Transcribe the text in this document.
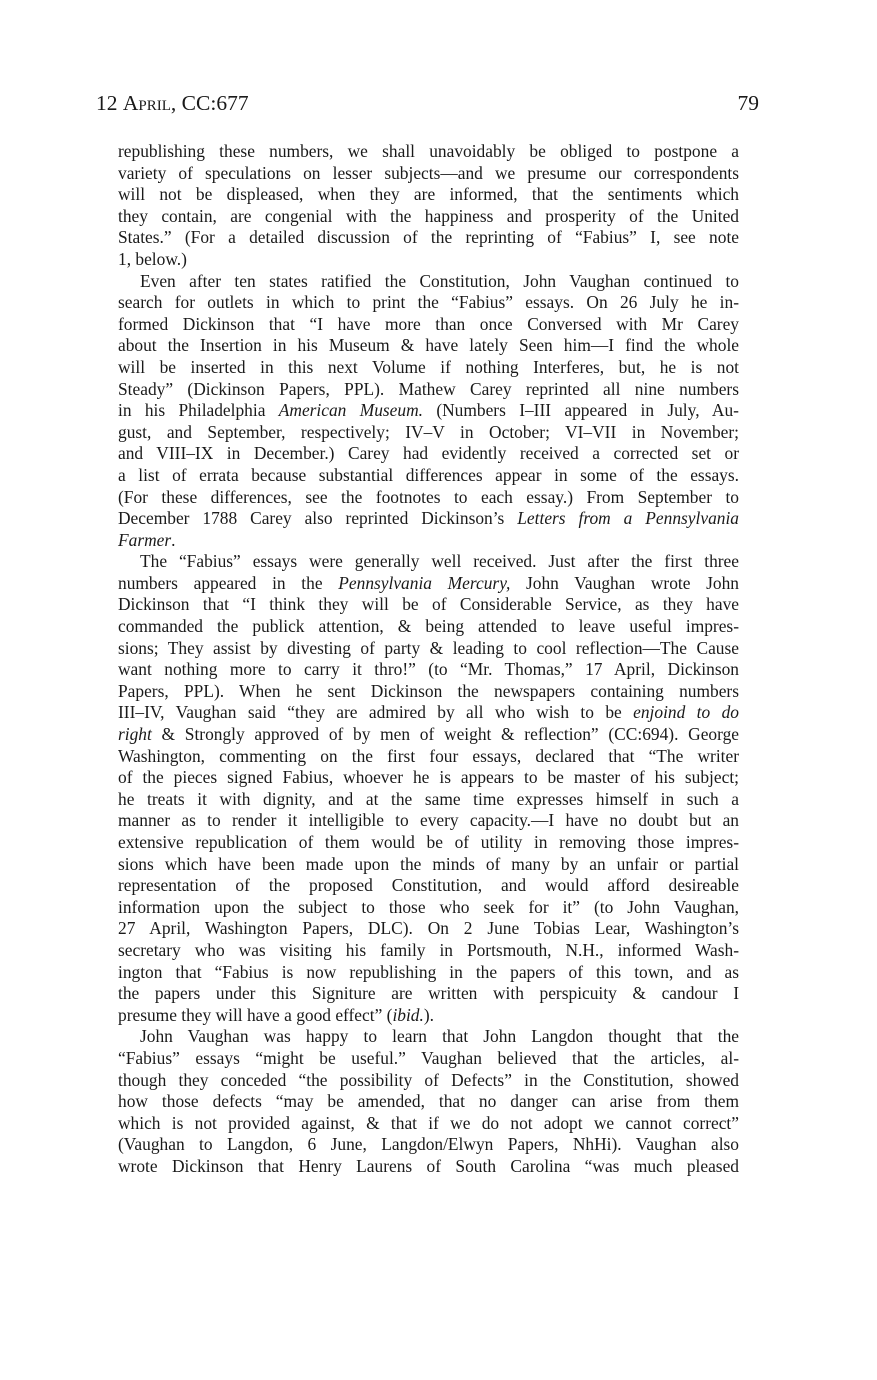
12 April, CC:677	79
republishing these numbers, we shall unavoidably be obliged to postpone a
variety of speculations on lesser subjects—and we presume our correspondents
will not be displeased, when they are informed, that the sentiments which
they contain, are congenial with the happiness and prosperity of the United
States.” (For a detailed discussion of the reprinting of “Fabius” I, see note
1, below.)
Even after ten states ratified the Constitution, John Vaughan continued to
search for outlets in which to print the “Fabius” essays. On 26 July he in-
formed Dickinson that “I have more than once Conversed with Mr Carey
about the Insertion in his Museum & have lately Seen him—I find the whole
will be inserted in this next Volume if nothing Interferes, but, he is not
Steady” (Dickinson Papers, PPL). Mathew Carey reprinted all nine numbers
in his Philadelphia American Museum. (Numbers I–III appeared in July, Au-
gust, and September, respectively; IV–V in October; VI–VII in November;
and VIII–IX in December.) Carey had evidently received a corrected set or
a list of errata because substantial differences appear in some of the essays.
(For these differences, see the footnotes to each essay.) From September to
December 1788 Carey also reprinted Dickinson’s Letters from a Pennsylvania
Farmer.
The “Fabius” essays were generally well received. Just after the first three
numbers appeared in the Pennsylvania Mercury, John Vaughan wrote John
Dickinson that “I think they will be of Considerable Service, as they have
commanded the publick attention, & being attended to leave useful impres-
sions; They assist by divesting of party & leading to cool reflection—The Cause
want nothing more to carry it thro!” (to “Mr. Thomas,” 17 April, Dickinson
Papers, PPL). When he sent Dickinson the newspapers containing numbers
III–IV, Vaughan said “they are admired by all who wish to be enjoind to do
right & Strongly approved of by men of weight & reflection” (CC:694). George
Washington, commenting on the first four essays, declared that “The writer
of the pieces signed Fabius, whoever he is appears to be master of his subject;
he treats it with dignity, and at the same time expresses himself in such a
manner as to render it intelligible to every capacity.—I have no doubt but an
extensive republication of them would be of utility in removing those impres-
sions which have been made upon the minds of many by an unfair or partial
representation of the proposed Constitution, and would afford desireable
information upon the subject to those who seek for it” (to John Vaughan,
27 April, Washington Papers, DLC). On 2 June Tobias Lear, Washington’s
secretary who was visiting his family in Portsmouth, N.H., informed Wash-
ington that “Fabius is now republishing in the papers of this town, and as
the papers under this Signiture are written with perspicuity & candour I
presume they will have a good effect” (ibid.).
John Vaughan was happy to learn that John Langdon thought that the
“Fabius” essays “might be useful.” Vaughan believed that the articles, al-
though they conceded “the possibility of Defects” in the Constitution, showed
how those defects “may be amended, that no danger can arise from them
which is not provided against, & that if we do not adopt we cannot correct”
(Vaughan to Langdon, 6 June, Langdon/Elwyn Papers, NhHi). Vaughan also
wrote Dickinson that Henry Laurens of South Carolina “was much pleased
